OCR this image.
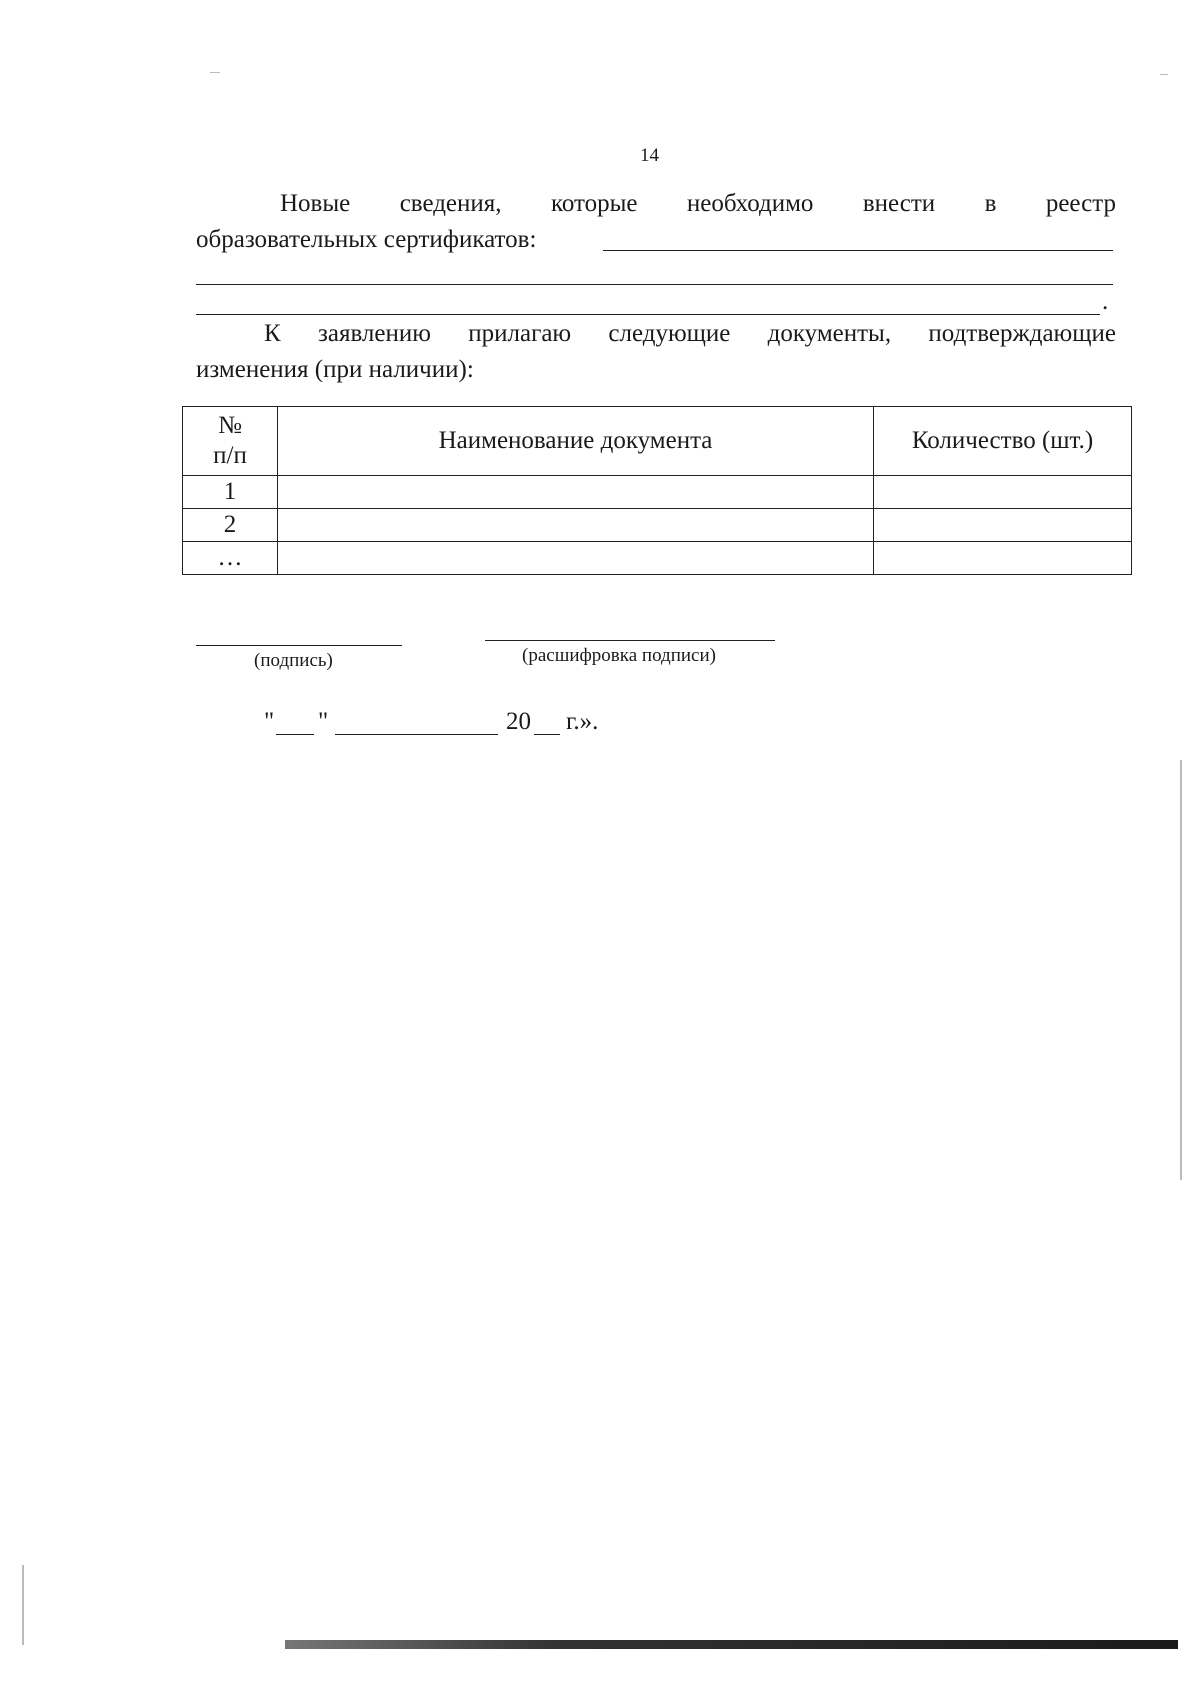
14
Новые сведения, которые необходимо внести в реестр
образовательных сертификатов:
.
К заявлению прилагаю следующие документы, подтверждающие
изменения (при наличии):
№
п/п	Наименование документа	Количество (шт.)
1		
2		
…		
(подпись)	(расшифровка подписи)
" "	20 г.».
